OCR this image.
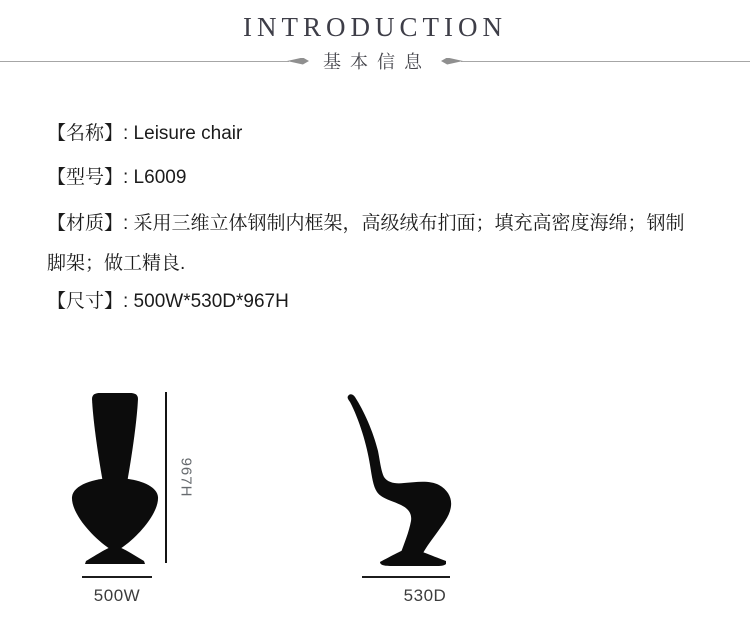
INTRODUCTION
基本信息

【名称】: Leisure chair

【型号】: L6009

【材质】: 采用三维立体钢制内框架，高级绒布扪面；填充高密度海绵；钢制
脚架；做工精良.

【尺寸】: 500W*530D*967H

967H
500W	530D
